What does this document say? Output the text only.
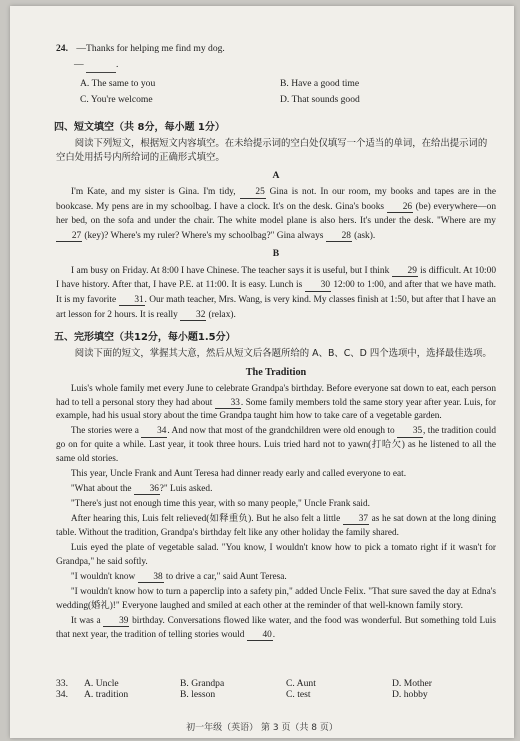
24. —Thanks for helping me find my dog.
—	.
A. The same to you	B. Have a good time
C. You're welcome	D. That sounds good
四、短文填空（共 8分，每小题 1分）
阅读下列短文，根据短文内容填空。在未给提示词的空白处仅填写一个适当的单词，在给出提示词的空白处用括号内所给词的正确形式填空。
A

I'm Kate, and my sister is Gina. I'm tidy, 25 Gina is not. In our room, my books and tapes are in the bookcase. My pens are in my schoolbag. I have a clock. It's on the desk. Gina's books 26 (be) everywhere—on her bed, on the sofa and under the chair. The white model plane is also hers. It's under the desk. "Where are my 27 (key)? Where's my ruler? Where's my schoolbag?" Gina always 28 (ask).

B

I am busy on Friday. At 8:00 I have Chinese. The teacher says it is useful, but I think 29 is difficult. At 10:00 I have history. After that, I have P.E. at 11:00. It is easy. Lunch is 30 12:00 to 1:00, and after that we have math. It is my favorite 31. Our math teacher, Mrs. Wang, is very kind. My classes finish at 1:50, but after that I have an art lesson for 2 hours. It is really 32 (relax).

五、完形填空（共12分，每小题1.5分）
阅读下面的短文，掌握其大意，然后从短文后各题所给的 A、B、C、D 四个选项中，选择最佳选项。
The Tradition

Luis's whole family met every June to celebrate Grandpa's birthday. Before everyone sat down to eat, each person had to tell a personal story they had about 33. Some family members told the same story year after year. Luis, for example, had his usual story about the time Grandpa taught him how to take care of a vegetable garden.

The stories were a 34. And now that most of the grandchildren were old enough to 35, the tradition could go on for quite a while. Last year, it took three hours. Luis tried hard not to yawn(打哈欠) as he listened to all the same old stories.

This year, Uncle Frank and Aunt Teresa had dinner ready early and called everyone to eat.

"What about the 36?" Luis asked.

"There's just not enough time this year, with so many people," Uncle Frank said.

After hearing this, Luis felt relieved(如释重负). But he also felt a little 37 as he sat down at the long dining table. Without the tradition, Grandpa's birthday felt like any other holiday the family shared.

Luis eyed the plate of vegetable salad. "You know, I wouldn't know how to pick a tomato right if it wasn't for Grandpa," he said softly.

"I wouldn't know 38 to drive a car," said Aunt Teresa.

"I wouldn't know how to turn a paperclip into a safety pin," added Uncle Felix. "That sure saved the day at Edna's wedding(婚礼)!" Everyone laughed and smiled at each other at the reminder of that well-known family story.

It was a 39 birthday. Conversations flowed like water, and the food was wonderful. But something told Luis that next year, the tradition of telling stories would 40.

33.	A. Uncle	B. Grandpa	C. Aunt	D. Mother
34.	A. tradition	B. lesson	C. test	D. hobby
初一年级（英语） 第 3 页（共 8 页）
